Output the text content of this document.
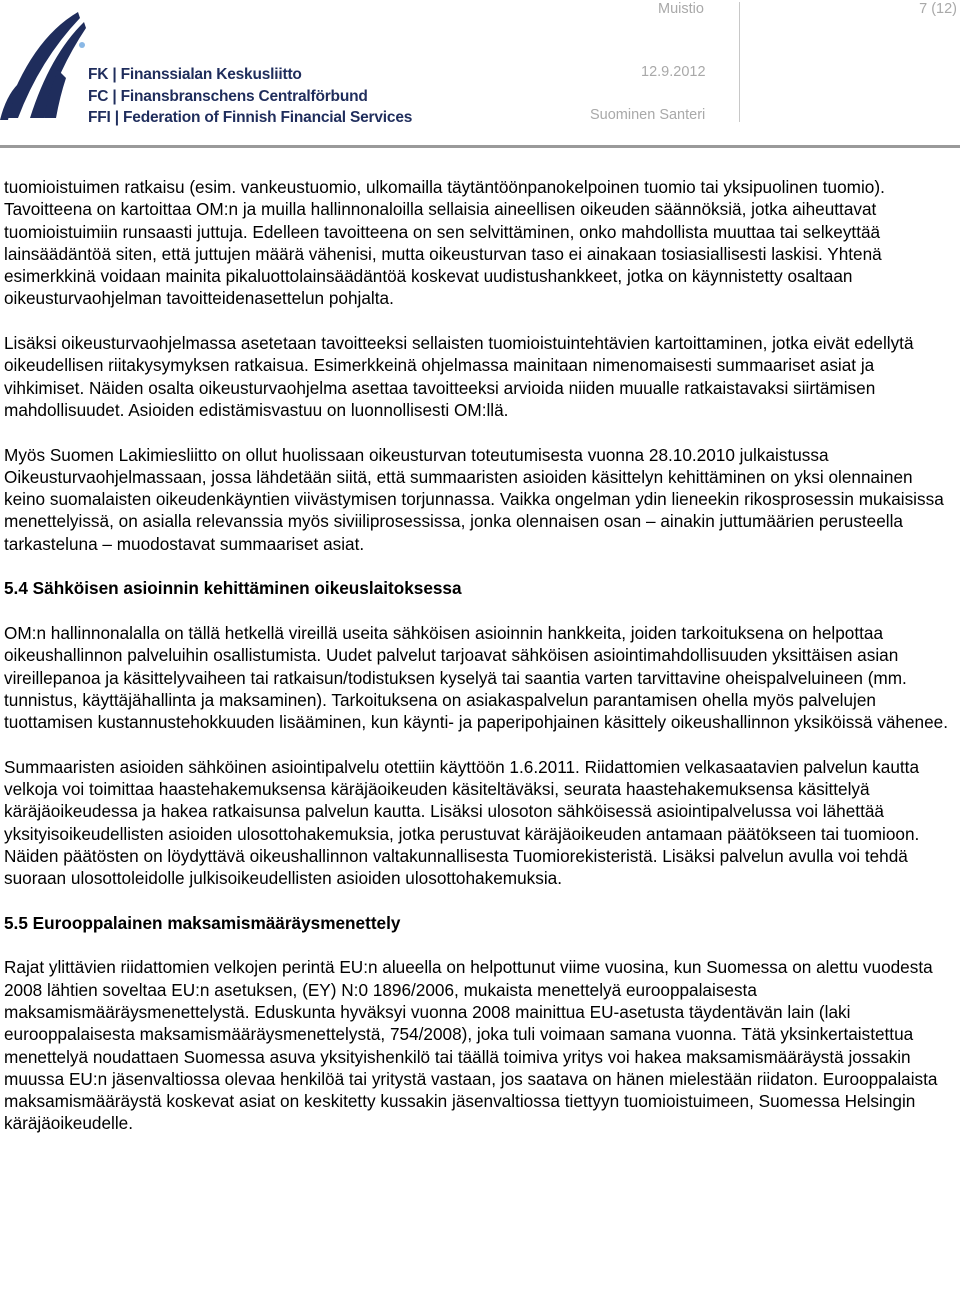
FK | Finanssialan Keskusliitto
FC | Finansbranschens Centralförbund
FFI | Federation of Finnish Financial Services
Muistio	7 (12)
12.9.2012
Suominen Santeri

tuomioistuimen ratkaisu (esim. vankeustuomio, ulkomailla täytäntöönpanokelpoinen tuomio tai yksipuolinen tuomio). Tavoitteena on kartoittaa OM:n ja muilla hallinnonaloilla sellaisia aineellisen oikeuden säännöksiä, jotka aiheuttavat tuomioistuimiin runsaasti juttuja. Edelleen tavoitteena on sen selvittäminen, onko mahdollista muuttaa tai selkeyttää lainsäädäntöä siten, että juttujen määrä vähenisi, mutta oikeusturvan taso ei ainakaan tosiasiallisesti laskisi. Yhtenä esimerkkinä voidaan mainita pikaluottolainsäädäntöä koskevat uudistushankkeet, jotka on käynnistetty osaltaan oikeusturvaohjelman tavoitteidenasettelun pohjalta.

Lisäksi oikeusturvaohjelmassa asetetaan tavoitteeksi sellaisten tuomioistuintehtävien kartoittaminen, jotka eivät edellytä oikeudellisen riitakysymyksen ratkaisua. Esimerkkeinä ohjelmassa mainitaan nimenomaisesti summaariset asiat ja vihkimiset. Näiden osalta oikeusturvaohjelma asettaa tavoitteeksi arvioida niiden muualle ratkaistavaksi siirtämisen mahdollisuudet. Asioiden edistämisvastuu on luonnollisesti OM:llä.

Myös Suomen Lakimiesliitto on ollut huolissaan oikeusturvan toteutumisesta vuonna 28.10.2010 julkaistussa Oikeusturvaohjelmassaan, jossa lähdetään siitä, että summaaristen asioiden käsittelyn kehittäminen on yksi olennainen keino suomalaisten oikeudenkäyntien viivästymisen torjunnassa. Vaikka ongelman ydin lieneekin rikosprosessin mukaisissa menettelyissä, on asialla relevanssia myös siviiliprosessissa, jonka olennaisen osan – ainakin juttumäärien perusteella tarkasteluna – muodostavat summaariset asiat.

5.4 Sähköisen asioinnin kehittäminen oikeuslaitoksessa

OM:n hallinnonalalla on tällä hetkellä vireillä useita sähköisen asioinnin hankkeita, joiden tarkoituksena on helpottaa oikeushallinnon palveluihin osallistumista. Uudet palvelut tarjoavat sähköisen asiointimahdollisuuden yksittäisen asian vireillepanoa ja käsittelyvaiheen tai ratkaisun/todistuksen kyselyä tai saantia varten tarvittavine oheispalveluineen (mm. tunnistus, käyttäjähallinta ja maksaminen). Tarkoituksena on asiakaspalvelun parantamisen ohella myös palvelujen tuottamisen kustannustehokkuuden lisääminen, kun käynti- ja paperipohjainen käsittely oikeushallinnon yksiköissä vähenee.

Summaaristen asioiden sähköinen asiointipalvelu otettiin käyttöön 1.6.2011. Riidattomien velkasaatavien palvelun kautta velkoja voi toimittaa haastehakemuksensa käräjäoikeuden käsiteltäväksi, seurata haastehakemuksensa käsittelyä käräjäoikeudessa ja hakea ratkaisunsa palvelun kautta. Lisäksi ulosoton sähköisessä asiointipalvelussa voi lähettää yksityisoikeudellisten asioiden ulosottohakemuksia, jotka perustuvat käräjäoikeuden antamaan päätökseen tai tuomioon. Näiden päätösten on löydyttävä oikeushallinnon valtakunnallisesta Tuomiorekisteristä. Lisäksi palvelun avulla voi tehdä suoraan ulosottoleidolle julkisoikeudellisten asioiden ulosottohakemuksia.

5.5 Eurooppalainen maksamismääräysmenettely

Rajat ylittävien riidattomien velkojen perintä EU:n alueella on helpottunut viime vuosina, kun Suomessa on alettu vuodesta 2008 lähtien soveltaa EU:n asetuksen, (EY) N:0 1896/2006, mukaista menettelyä eurooppalaisesta maksamismääräysmenettelystä. Eduskunta hyväksyi vuonna 2008 mainittua EU-asetusta täydentävän lain (laki eurooppalaisesta maksamismääräysmenettelystä, 754/2008), joka tuli voimaan samana vuonna. Tätä yksinkertaistettua menettelyä noudattaen Suomessa asuva yksityishenkilö tai täällä toimiva yritys voi hakea maksamismääräystä jossakin muussa EU:n jäsenvaltiossa olevaa henkilöä tai yritystä vastaan, jos saatava on hänen mielestään riidaton. Eurooppalaista maksamismääräystä koskevat asiat on keskitetty kussakin jäsenvaltiossa tiettyyn tuomioistuimeen, Suomessa Helsingin käräjäoikeudelle.
